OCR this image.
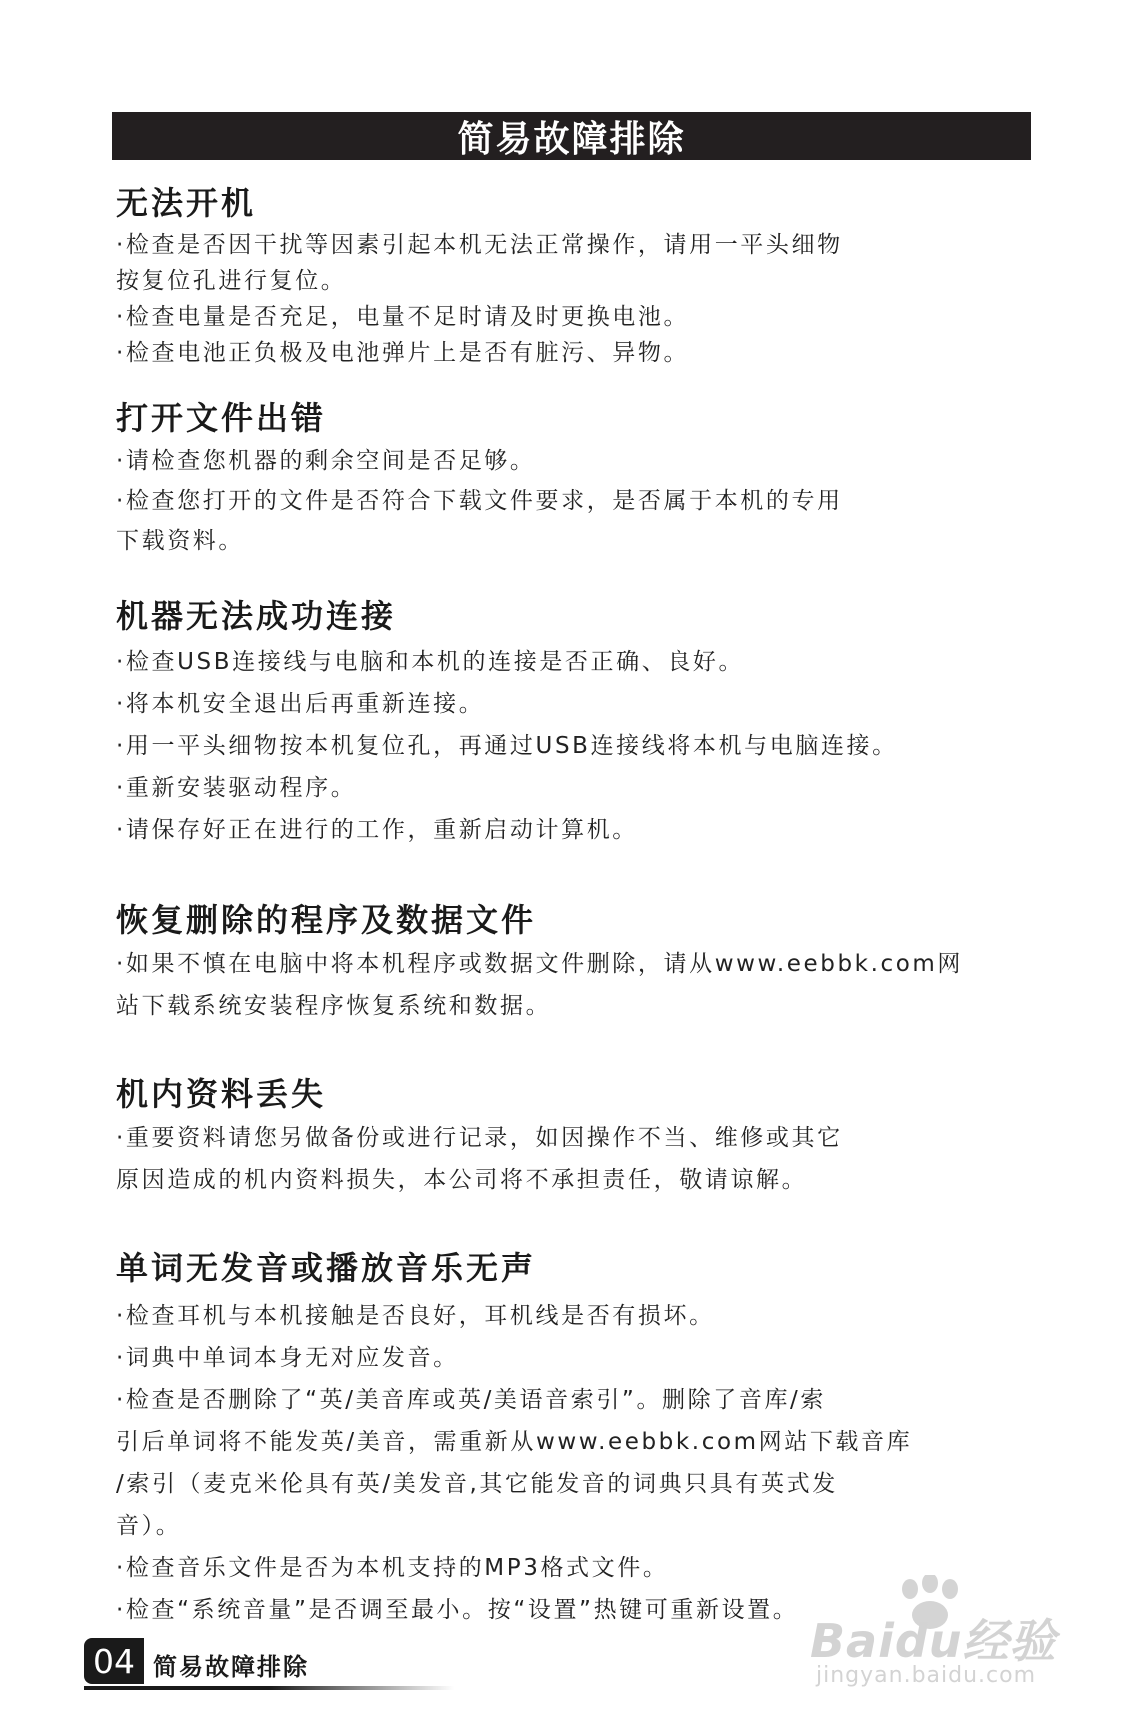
简易故障排除
无法开机
·检查是否因干扰等因素引起本机无法正常操作，请用一平头细物
按复位孔进行复位。
·检查电量是否充足，电量不足时请及时更换电池。
·检查电池正负极及电池弹片上是否有脏污、异物。
打开文件出错
·请检查您机器的剩余空间是否足够。
·检查您打开的文件是否符合下载文件要求，是否属于本机的专用
下载资料。
机器无法成功连接
·检查USB连接线与电脑和本机的连接是否正确、良好。
·将本机安全退出后再重新连接。
·用一平头细物按本机复位孔，再通过USB连接线将本机与电脑连接。
·重新安装驱动程序。
·请保存好正在进行的工作，重新启动计算机。
恢复删除的程序及数据文件
·如果不慎在电脑中将本机程序或数据文件删除，请从www.eebbk.com网
站下载系统安装程序恢复系统和数据。
机内资料丢失
·重要资料请您另做备份或进行记录，如因操作不当、维修或其它
原因造成的机内资料损失，本公司将不承担责任，敬请谅解。
单词无发音或播放音乐无声
·检查耳机与本机接触是否良好，耳机线是否有损坏。
·词典中单词本身无对应发音。
·检查是否删除了“英/美音库或英/美语音索引”。删除了音库/索
引后单词将不能发英/美音，需重新从www.eebbk.com网站下载音库
/索引（麦克米伦具有英/美发音,其它能发音的词典只具有英式发
音）。
·检查音乐文件是否为本机支持的MP3格式文件。
·检查“系统音量”是否调至最小。按“设置”热键可重新设置。
04 简易故障排除	Baidu经验
jingyan.baidu.com
